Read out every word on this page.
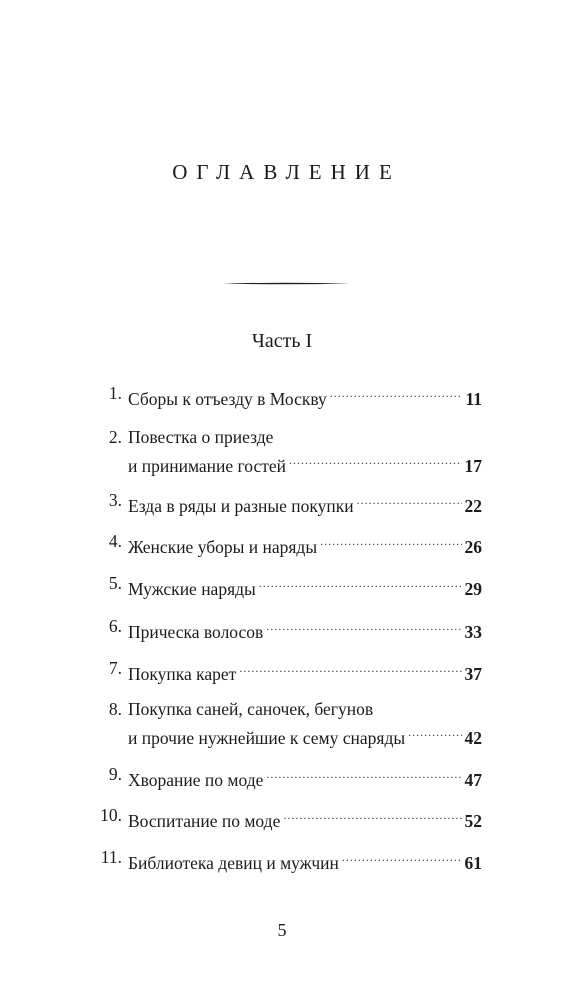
ОГЛАВЛЕНИЕ
Часть I
1. Сборы к отъезду в Москву .....	11
2. Повестка о приезде
и принимание гостей .....	17
3. Езда в ряды и разные покупки .....	22
4. Женские уборы и наряды .....	26
5. Мужские наряды .....	29
6. Прическа волосов .....	33
7. Покупка карет .....	37
8. Покупка саней, саночек, бегунов
и прочие нужнейшие к сему снаряды .....	42
9. Хворание по моде .....	47
10. Воспитание по моде .....	52
11. Библиотека девиц и мужчин .....	61
5
